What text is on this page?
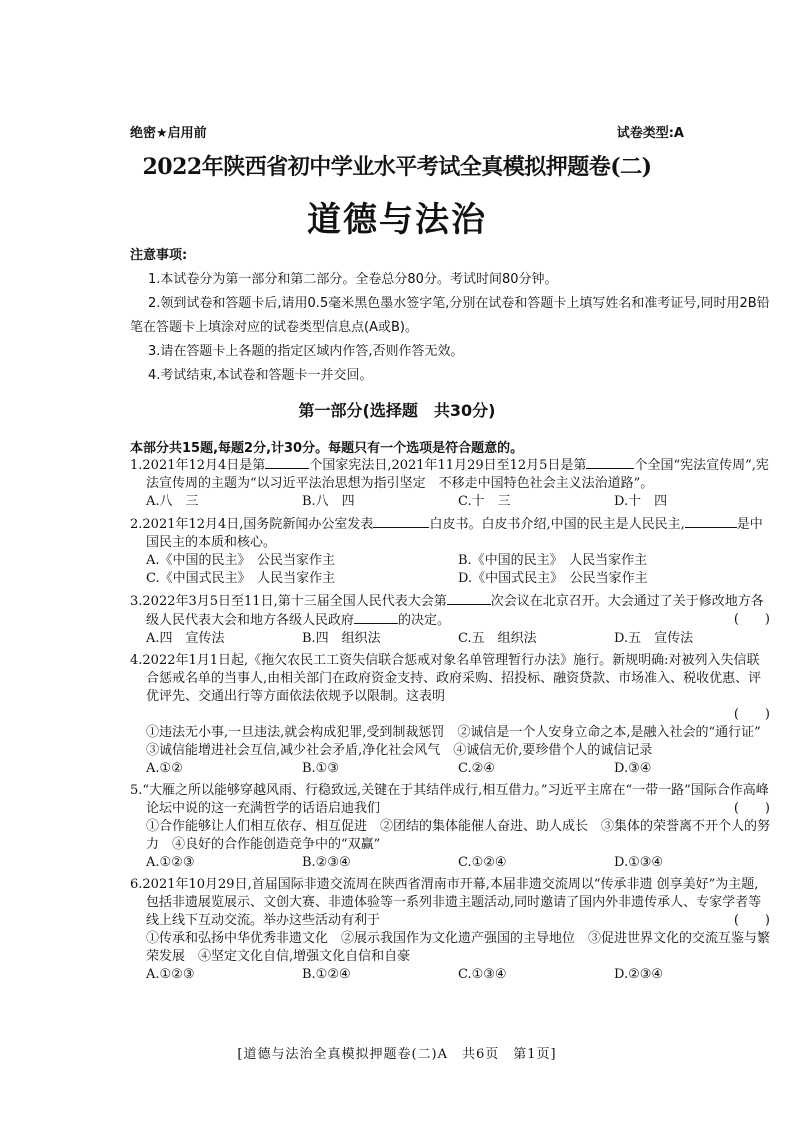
绝密★启用前	试卷类型:A
2022年陕西省初中学业水平考试全真模拟押题卷(二)
道德与法治
注意事项:
1.本试卷分为第一部分和第二部分。全卷总分80分。考试时间80分钟。
2.领到试卷和答题卡后,请用0.5毫米黑色墨水签字笔,分别在试卷和答题卡上填写姓名和准考证号,同时用2B铅笔在答题卡上填涂对应的试卷类型信息点(A或B)。
3.请在答题卡上各题的指定区域内作答,否则作答无效。
4.考试结束,本试卷和答题卡一并交回。
第一部分(选择题　共30分)
本部分共15题,每题2分,计30分。每题只有一个选项是符合题意的。
1.2021年12月4日是第	个国家宪法日,2021年11月29日至12月5日是第	个全国“宪法宣传周”,宪法宣传周的主题为“以习近平法治思想为指引坚定　不移走中国特色社会主义法治道路”。
A.八　三	B.八　四	C.十　三	D.十　四
2.2021年12月4日,国务院新闻办公室发表	白皮书。白皮书介绍,中国的民主是人民民主,	是中国民主的本质和核心。
A.《中国的民主》　公民当家作主	B.《中国的民主》　人民当家作主
C.《中国式民主》　人民当家作主	D.《中国式民主》　公民当家作主
3.2022年3月5日至11日,第十三届全国人民代表大会第	次会议在北京召开。大会通过了关于修改地方各级人民代表大会和地方各级人民政府	的决定。	(　　)
A.四　宣传法	B.四　组织法	C.五　组织法	D.五　宣传法
4.2022年1月1日起,《拖欠农民工工资失信联合惩戒对象名单管理暂行办法》施行。新规明确:对被列入失信联合惩戒名单的当事人,由相关部门在政府资金支持、政府采购、招投标、融资贷款、市场准入、税收优惠、评优评先、交通出行等方面依法依规予以限制。这表明
(　　)
①违法无小事,一旦违法,就会构成犯罪,受到制裁惩罚　②诚信是一个人安身立命之本,是融入社会的“通行证”　③诚信能增进社会互信,减少社会矛盾,净化社会风气　④诚信无价,要珍借个人的诚信记录
A.①②	B.①③	C.②④	D.③④
5.“大雁之所以能够穿越风雨、行稳致远,关键在于其结伴成行,相互借力。”习近平主席在“一带一路”国际合作高峰论坛中说的这一充满哲学的话语启迪我们	(　　)
①合作能够让人们相互依存、相互促进　②团结的集体能催人奋进、助人成长　③集体的荣誉离不开个人的努力　④良好的合作能创造竞争中的“双赢”
A.①②③	B.②③④	C.①②④	D.①③④
6.2021年10月29日,首届国际非遗交流周在陕西省渭南市开幕,本届非遗交流周以“传承非遗 创享美好”为主题,包括非遗展览展示、文创大赛、非遗体验等一系列非遗主题活动,同时邀请了国内外非遗传承人、专家学者等线上线下互动交流。举办这些活动有利于	(　　)
①传承和弘扬中华优秀非遗文化　②展示我国作为文化遗产强国的主导地位　③促进世界文化的交流互鉴与繁荣发展　④坚定文化自信,增强文化自信和自豪
A.①②③	B.①②④	C.①③④	D.②③④
[道德与法治全真模拟押题卷(二)A　共6页　第1页]
